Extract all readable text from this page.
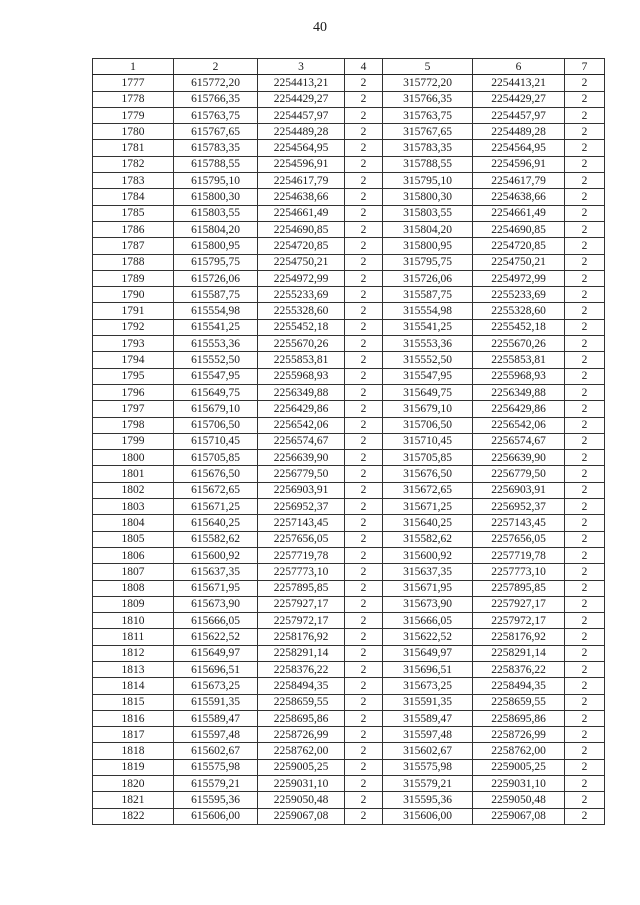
40
1	2	3	4	5	6	7
1777	615772,20	2254413,21	2	315772,20	2254413,21	2
1778	615766,35	2254429,27	2	315766,35	2254429,27	2
1779	615763,75	2254457,97	2	315763,75	2254457,97	2
1780	615767,65	2254489,28	2	315767,65	2254489,28	2
1781	615783,35	2254564,95	2	315783,35	2254564,95	2
1782	615788,55	2254596,91	2	315788,55	2254596,91	2
1783	615795,10	2254617,79	2	315795,10	2254617,79	2
1784	615800,30	2254638,66	2	315800,30	2254638,66	2
1785	615803,55	2254661,49	2	315803,55	2254661,49	2
1786	615804,20	2254690,85	2	315804,20	2254690,85	2
1787	615800,95	2254720,85	2	315800,95	2254720,85	2
1788	615795,75	2254750,21	2	315795,75	2254750,21	2
1789	615726,06	2254972,99	2	315726,06	2254972,99	2
1790	615587,75	2255233,69	2	315587,75	2255233,69	2
1791	615554,98	2255328,60	2	315554,98	2255328,60	2
1792	615541,25	2255452,18	2	315541,25	2255452,18	2
1793	615553,36	2255670,26	2	315553,36	2255670,26	2
1794	615552,50	2255853,81	2	315552,50	2255853,81	2
1795	615547,95	2255968,93	2	315547,95	2255968,93	2
1796	615649,75	2256349,88	2	315649,75	2256349,88	2
1797	615679,10	2256429,86	2	315679,10	2256429,86	2
1798	615706,50	2256542,06	2	315706,50	2256542,06	2
1799	615710,45	2256574,67	2	315710,45	2256574,67	2
1800	615705,85	2256639,90	2	315705,85	2256639,90	2
1801	615676,50	2256779,50	2	315676,50	2256779,50	2
1802	615672,65	2256903,91	2	315672,65	2256903,91	2
1803	615671,25	2256952,37	2	315671,25	2256952,37	2
1804	615640,25	2257143,45	2	315640,25	2257143,45	2
1805	615582,62	2257656,05	2	315582,62	2257656,05	2
1806	615600,92	2257719,78	2	315600,92	2257719,78	2
1807	615637,35	2257773,10	2	315637,35	2257773,10	2
1808	615671,95	2257895,85	2	315671,95	2257895,85	2
1809	615673,90	2257927,17	2	315673,90	2257927,17	2
1810	615666,05	2257972,17	2	315666,05	2257972,17	2
1811	615622,52	2258176,92	2	315622,52	2258176,92	2
1812	615649,97	2258291,14	2	315649,97	2258291,14	2
1813	615696,51	2258376,22	2	315696,51	2258376,22	2
1814	615673,25	2258494,35	2	315673,25	2258494,35	2
1815	615591,35	2258659,55	2	315591,35	2258659,55	2
1816	615589,47	2258695,86	2	315589,47	2258695,86	2
1817	615597,48	2258726,99	2	315597,48	2258726,99	2
1818	615602,67	2258762,00	2	315602,67	2258762,00	2
1819	615575,98	2259005,25	2	315575,98	2259005,25	2
1820	615579,21	2259031,10	2	315579,21	2259031,10	2
1821	615595,36	2259050,48	2	315595,36	2259050,48	2
1822	615606,00	2259067,08	2	315606,00	2259067,08	2
